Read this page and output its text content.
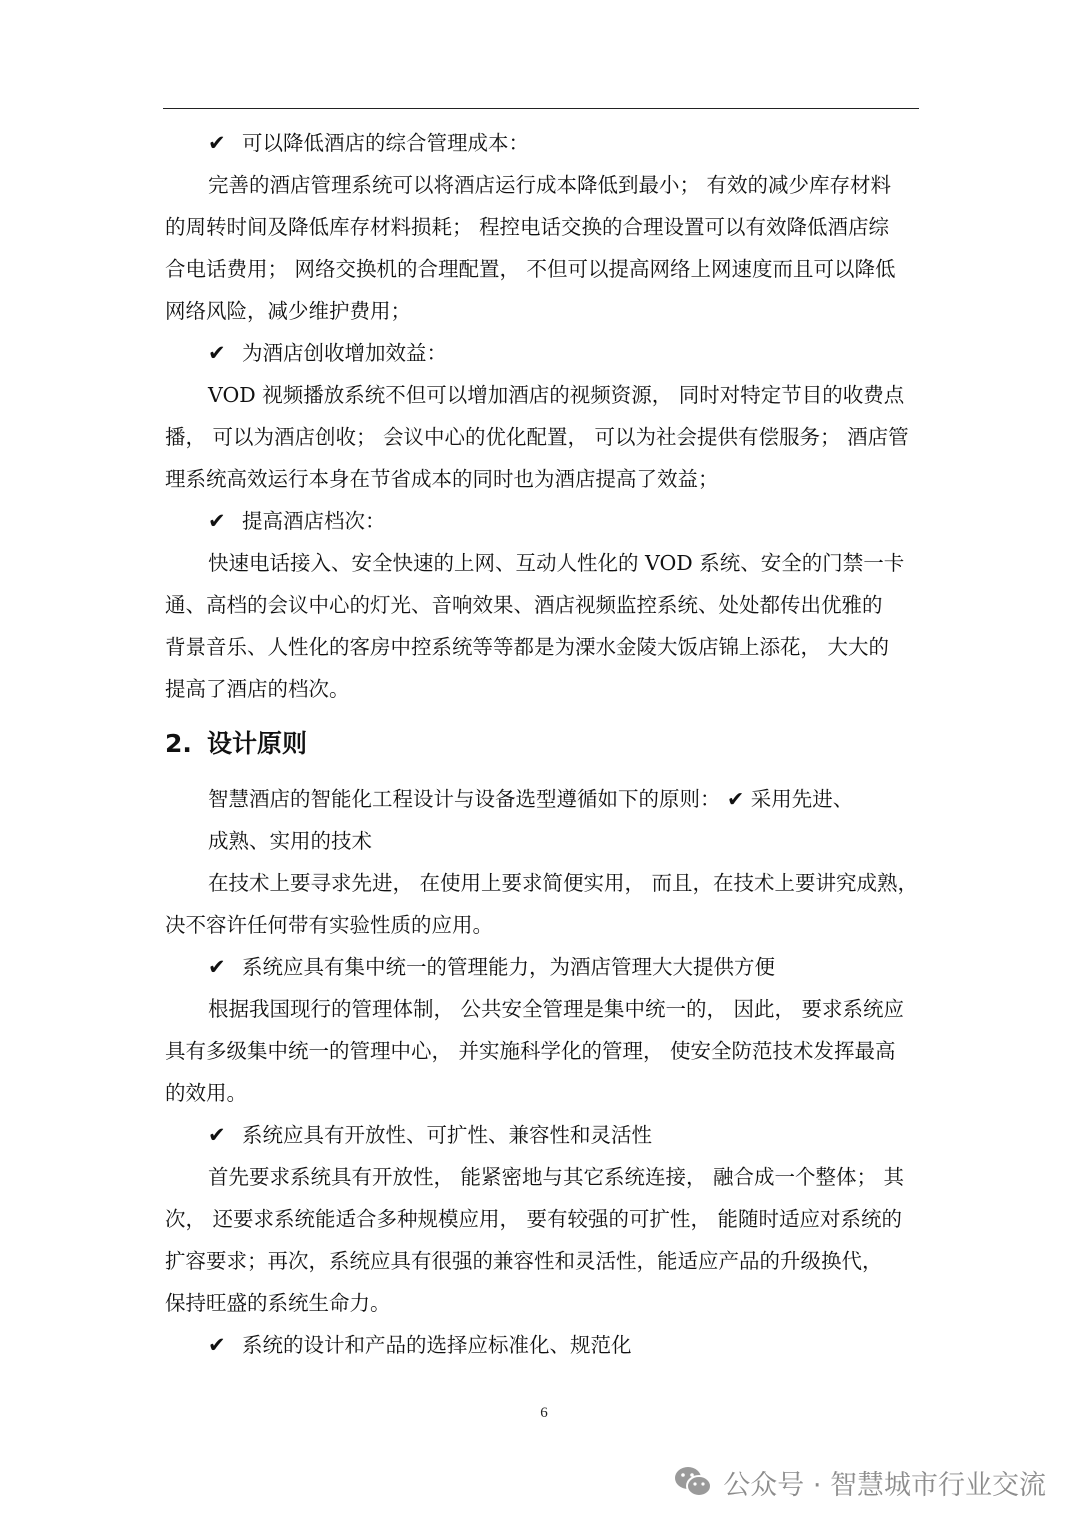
✔ 可以降低酒店的综合管理成本：
完善的酒店管理系统可以将酒店运行成本降低到最小； 有效的减少库存材料
的周转时间及降低库存材料损耗； 程控电话交换的合理设置可以有效降低酒店综
合电话费用； 网络交换机的合理配置， 不但可以提高网络上网速度而且可以降低
网络风险，减少维护费用；
✔ 为酒店创收增加效益：
VOD 视频播放系统不但可以增加酒店的视频资源， 同时对特定节目的收费点
播， 可以为酒店创收； 会议中心的优化配置， 可以为社会提供有偿服务； 酒店管
理系统高效运行本身在节省成本的同时也为酒店提高了效益；
✔ 提高酒店档次：
快速电话接入、安全快速的上网、互动人性化的 VOD 系统、安全的门禁一卡
通、高档的会议中心的灯光、音响效果、酒店视频监控系统、处处都传出优雅的
背景音乐、人性化的客房中控系统等等都是为溧水金陵大饭店锦上添花， 大大的
提高了酒店的档次。
2. 设计原则
智慧酒店的智能化工程设计与设备选型遵循如下的原则： ✔ 采用先进、
成熟、实用的技术
在技术上要寻求先进， 在使用上要求简便实用， 而且，在技术上要讲究成熟，
决不容许任何带有实验性质的应用。
✔ 系统应具有集中统一的管理能力，为酒店管理大大提供方便
根据我国现行的管理体制， 公共安全管理是集中统一的， 因此， 要求系统应
具有多级集中统一的管理中心， 并实施科学化的管理， 使安全防范技术发挥最高
的效用。
✔ 系统应具有开放性、可扩性、兼容性和灵活性
首先要求系统具有开放性， 能紧密地与其它系统连接， 融合成一个整体； 其
次， 还要求系统能适合多种规模应用， 要有较强的可扩性， 能随时适应对系统的
扩容要求；再次，系统应具有很强的兼容性和灵活性，能适应产品的升级换代，
保持旺盛的系统生命力。
✔ 系统的设计和产品的选择应标准化、规范化
6
公众号 · 智慧城市行业交流
